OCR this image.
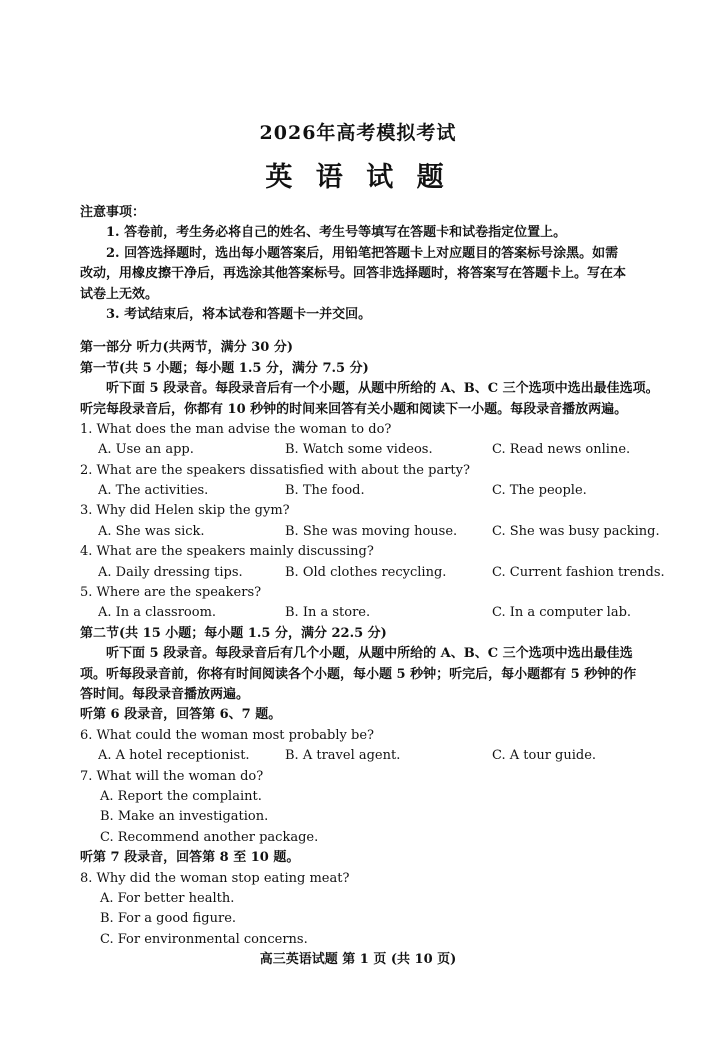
2026年高考模拟考试
英 语 试 题
注意事项：
1. 答卷前，考生务必将自己的姓名、考生号等填写在答题卡和试卷指定位置上。
2. 回答选择题时，选出每小题答案后，用铅笔把答题卡上对应题目的答案标号涂黑。如需
改动，用橡皮擦干净后，再选涂其他答案标号。回答非选择题时，将答案写在答题卡上。写在本
试卷上无效。
3. 考试结束后，将本试卷和答题卡一并交回。
第一部分 听力(共两节，满分 30 分)
第一节(共 5 小题；每小题 1.5 分，满分 7.5 分)
听下面 5 段录音。每段录音后有一个小题，从题中所给的 A、B、C 三个选项中选出最佳选项。
听完每段录音后，你都有 10 秒钟的时间来回答有关小题和阅读下一小题。每段录音播放两遍。
1. What does the man advise the woman to do?
A. Use an app.	B. Watch some videos.	C. Read news online.
2. What are the speakers dissatisfied with about the party?
A. The activities.	B. The food.	C. The people.
3. Why did Helen skip the gym?
A. She was sick.	B. She was moving house.	C. She was busy packing.
4. What are the speakers mainly discussing?
A. Daily dressing tips.	B. Old clothes recycling.	C. Current fashion trends.
5. Where are the speakers?
A. In a classroom.	B. In a store.	C. In a computer lab.
第二节(共 15 小题；每小题 1.5 分，满分 22.5 分)
听下面 5 段录音。每段录音后有几个小题，从题中所给的 A、B、C 三个选项中选出最佳选
项。听每段录音前，你将有时间阅读各个小题，每小题 5 秒钟；听完后，每小题都有 5 秒钟的作
答时间。每段录音播放两遍。
听第 6 段录音，回答第 6、7 题。
6. What could the woman most probably be?
A. A hotel receptionist.	B. A travel agent.	C. A tour guide.
7. What will the woman do?
A. Report the complaint.
B. Make an investigation.
C. Recommend another package.
听第 7 段录音，回答第 8 至 10 题。
8. Why did the woman stop eating meat?
A. For better health.
B. For a good figure.
C. For environmental concerns.
高三英语试题 第 1 页 (共 10 页)
